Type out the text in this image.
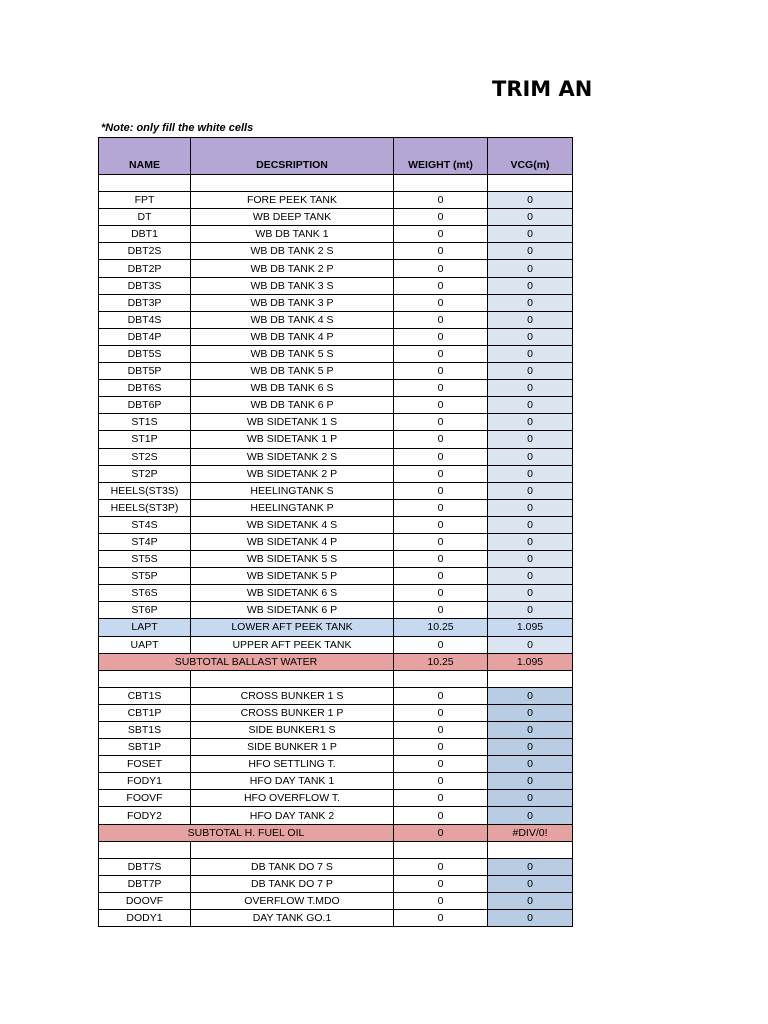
TRIM AN
*Note: only fill the white cells
NAME	DECSRIPTION	WEIGHT (mt)	VCG(m)

FPT	FORE PEEK TANK	0	0
DT	WB DEEP TANK	0	0
DBT1	WB DB TANK 1	0	0
DBT2S	WB DB TANK 2 S	0	0
DBT2P	WB DB TANK 2 P	0	0
DBT3S	WB DB TANK 3 S	0	0
DBT3P	WB DB TANK 3 P	0	0
DBT4S	WB DB TANK 4 S	0	0
DBT4P	WB DB TANK 4 P	0	0
DBT5S	WB DB TANK 5 S	0	0
DBT5P	WB DB TANK 5 P	0	0
DBT6S	WB DB TANK 6 S	0	0
DBT6P	WB DB TANK 6 P	0	0
ST1S	WB SIDETANK 1 S	0	0
ST1P	WB SIDETANK 1 P	0	0
ST2S	WB SIDETANK 2 S	0	0
ST2P	WB SIDETANK 2 P	0	0
HEELS(ST3S)	HEELINGTANK S	0	0
HEELS(ST3P)	HEELINGTANK P	0	0
ST4S	WB SIDETANK 4 S	0	0
ST4P	WB SIDETANK 4 P	0	0
ST5S	WB SIDETANK 5 S	0	0
ST5P	WB SIDETANK 5 P	0	0
ST6S	WB SIDETANK 6 S	0	0
ST6P	WB SIDETANK 6 P	0	0
LAPT	LOWER AFT PEEK TANK	10.25	1.095
UAPT	UPPER AFT PEEK TANK	0	0
SUBTOTAL BALLAST WATER		10.25	1.095

CBT1S	CROSS BUNKER 1 S	0	0
CBT1P	CROSS BUNKER 1 P	0	0
SBT1S	SIDE BUNKER1 S	0	0
SBT1P	SIDE BUNKER 1 P	0	0
FOSET	HFO SETTLING T.	0	0
FODY1	HFO DAY TANK 1	0	0
FOOVF	HFO OVERFLOW T.	0	0
FODY2	HFO DAY TANK 2	0	0
SUBTOTAL H. FUEL OIL		0	#DIV/0!

DBT7S	DB TANK DO 7 S	0	0
DBT7P	DB TANK DO 7 P	0	0
DOOVF	OVERFLOW T.MDO	0	0
DODY1	DAY TANK GO.1	0	0
